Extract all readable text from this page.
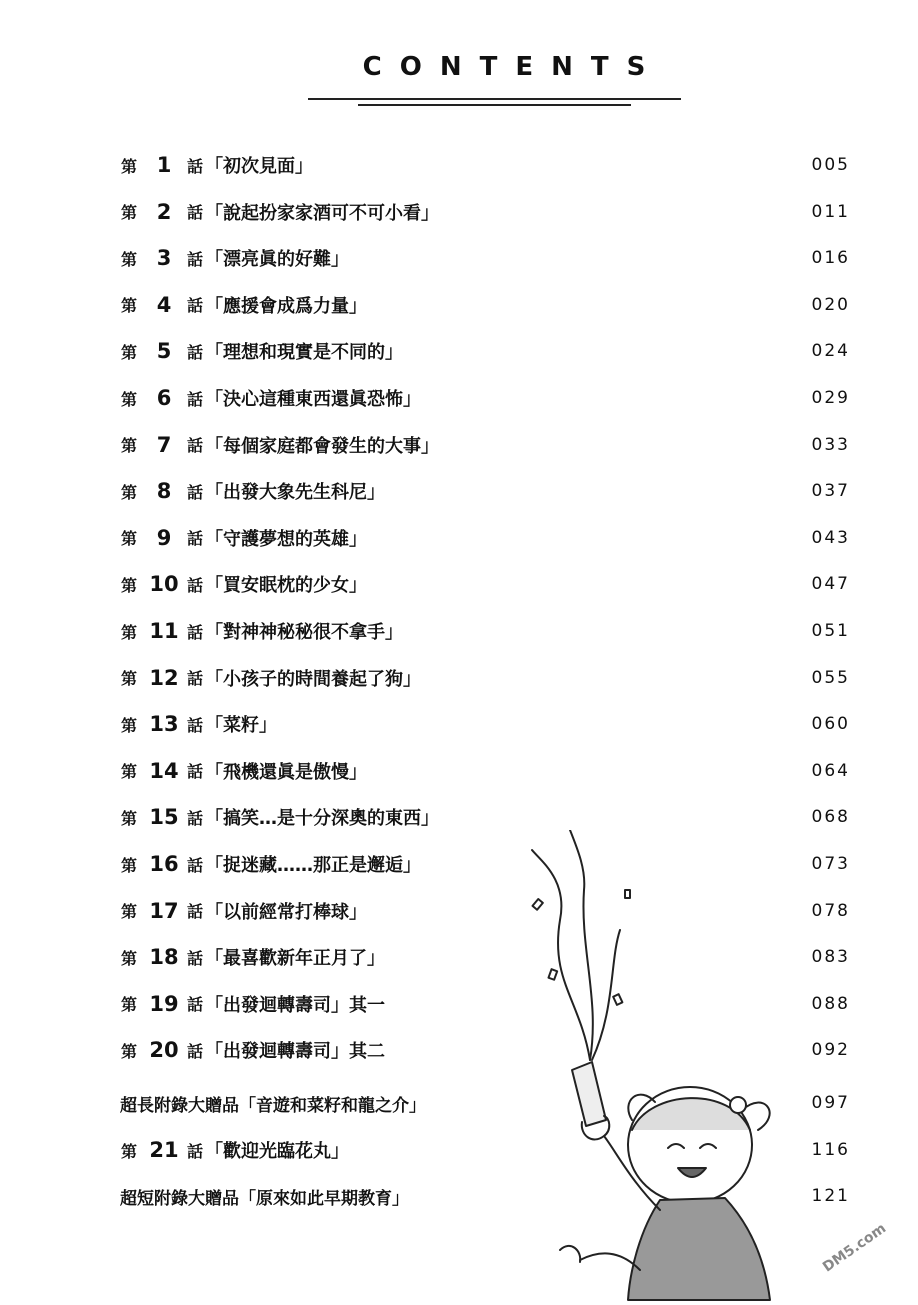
CONTENTS
第 1 話 「初次見面」	005
第 2 話 「說起扮家家酒可不可小看」	011
第 3 話 「漂亮眞的好難」	016
第 4 話 「應援會成爲力量」	020
第 5 話 「理想和現實是不同的」	024
第 6 話 「決心這種東西還眞恐怖」	029
第 7 話 「每個家庭都會發生的大事」	033
第 8 話 「出發大象先生科尼」	037
第 9 話 「守護夢想的英雄」	043
第 10 話 「買安眠枕的少女」	047
第 11 話 「對神神秘秘很不拿手」	051
第 12 話 「小孩子的時間養起了狗」	055
第 13 話 「菜籽」	060
第 14 話 「飛機還眞是傲慢」	064
第 15 話 「搞笑…是十分深奧的東西」	068
第 16 話 「捉迷藏……那正是邂逅」	073
第 17 話 「以前經常打棒球」	078
第 18 話 「最喜歡新年正月了」	083
第 19 話 「出發迴轉壽司」其一	088
第 20 話 「出發迴轉壽司」其二	092
超長附錄大贈品「音遊和菜籽和龍之介」	097
第 21 話 「歡迎光臨花丸」	116
超短附錄大贈品「原來如此早期教育」	121
DM5.com
